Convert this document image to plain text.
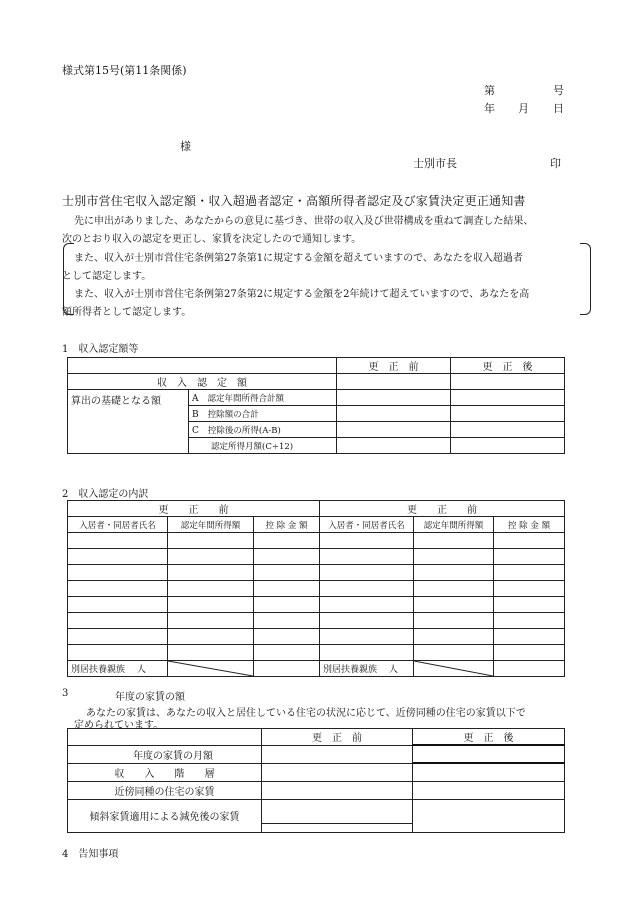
様式第15号(第11条関係)
第	号
年 月 日
様
士別市長	印
士別市営住宅収入認定額・収入超過者認定・高額所得者認定及び家賃決定更正通知書
先に申出がありました、あなたからの意見に基づき、世帯の収入及び世帯構成を重ねて調査した結果、
次のとおり収入の認定を更正し、家賃を決定したので通知します。
また、収入が士別市営住宅条例第27条第1に規定する金額を超えていますので、あなたを収入超過者
として認定します。
また、収入が士別市営住宅条例第27条第2に規定する金額を2年続けて超えていますので、あなたを高
額所得者として認定します。
1　収入認定額等
		更　正　前	更　正　後
収　入　認　定　額			
算出の基礎となる額	A　 認定年間所得合計額		
	B　 控除額の合計		
	C　 控除後の所得(A-B)		
	認定所得月額(C÷12)		
2　収入認定の内訳
更　　正　　前			更　　正　　前		
入居者・同居者氏名	認定年間所得額	控 除 金 額	入居者・同居者氏名	認定年間所得額	控 除 金 額

別居扶養親族　 人			別居扶養親族　 人	

3	年度の家賃の額
あなたの家賃は、あなたの収入と居住している住宅の状況に応じて、近傍同種の住宅の家賃以下で
定められています。
	更　正　前	更　正　後
年度の家賃の月額		
収　　入　　階　　層		
近傍同種の住宅の家賃		
傾斜家賃適用による減免後の家賃	

4　告知事項
